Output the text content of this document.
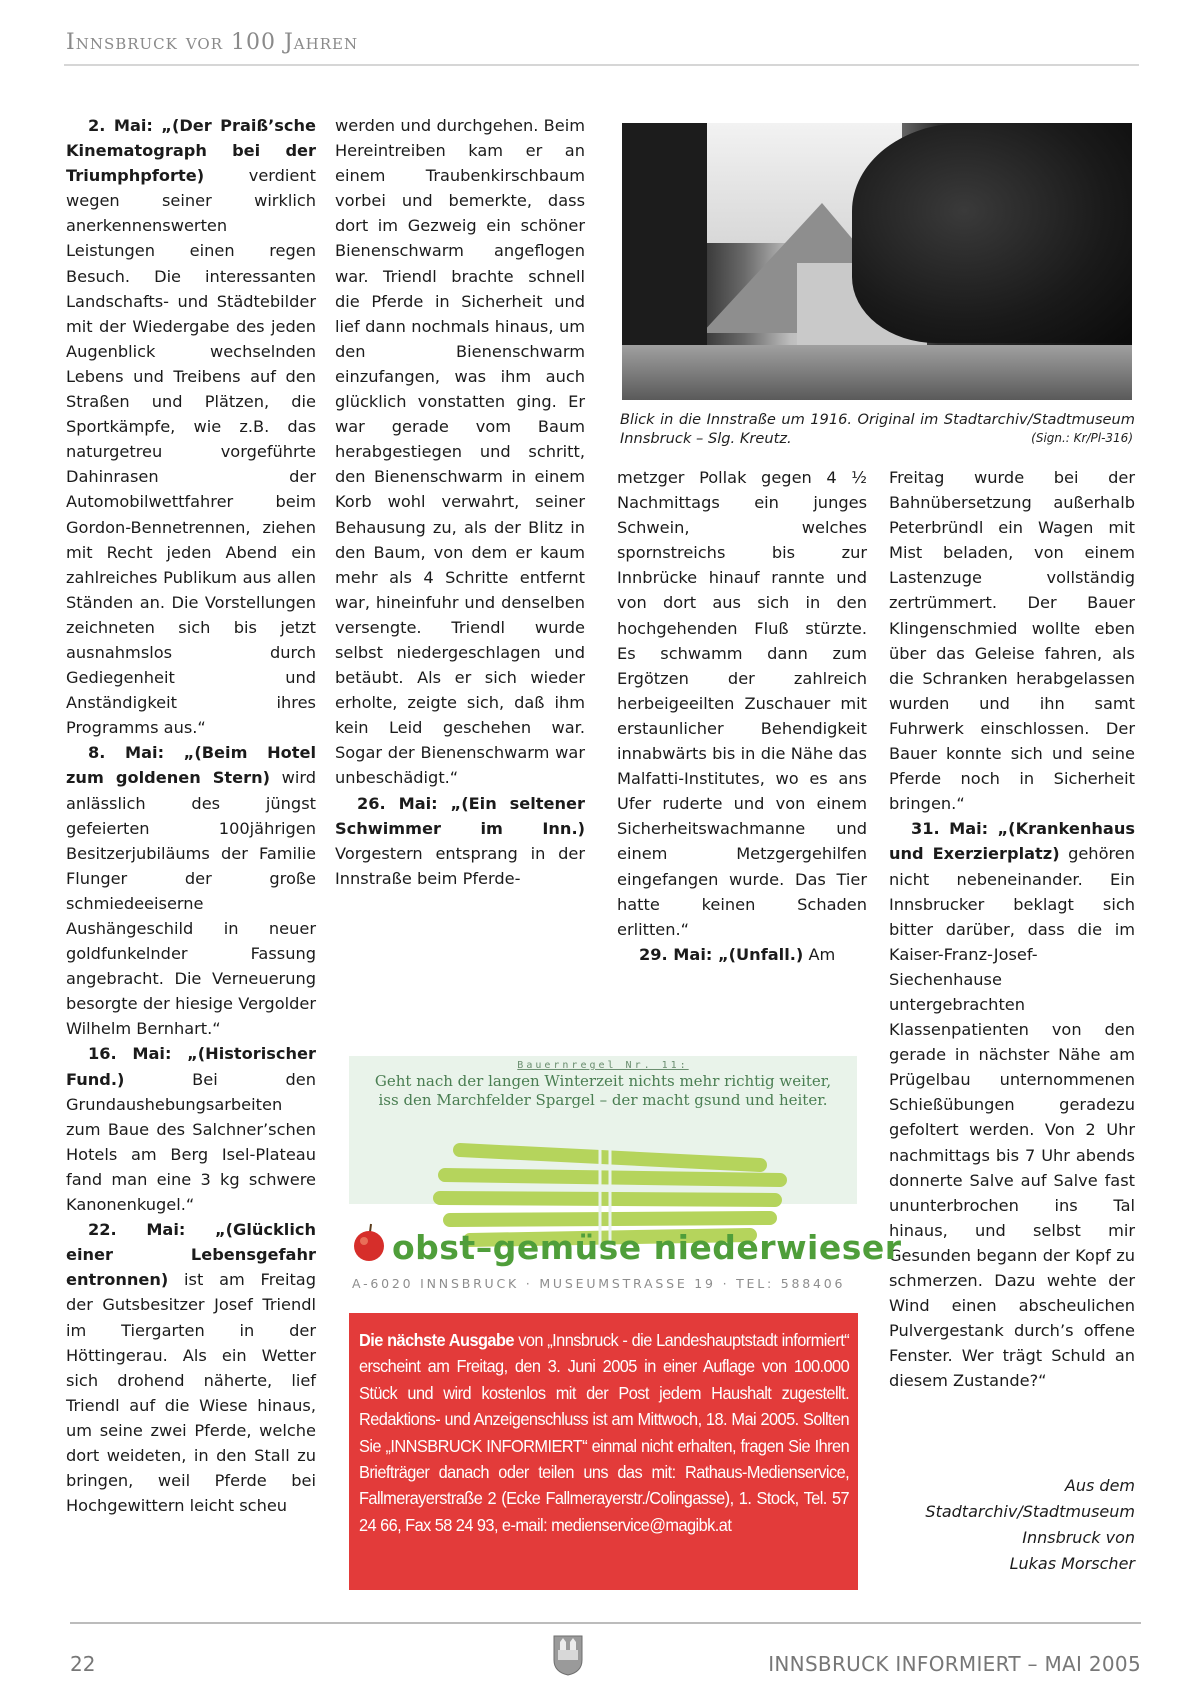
Innsbruck vor 100 Jahren

2. Mai: „(Der Praiß’sche Kinematograph bei der Triumphpforte) verdient wegen seiner wirklich anerkennenswerten Leistungen einen regen Besuch. Die interessanten Landschafts- und Städtebilder mit der Wiedergabe des jeden Augenblick wechselnden Lebens und Treibens auf den Straßen und Plätzen, die Sportkämpfe, wie z.B. das naturgetreu vorgeführte Dahinrasen der Automobilwettfahrer beim Gordon-Bennetrennen, ziehen mit Recht jeden Abend ein zahlreiches Publikum aus allen Ständen an. Die Vorstellungen zeichneten sich bis jetzt ausnahmslos durch Gediegenheit und Anständigkeit ihres Programms aus.“

8. Mai: „(Beim Hotel zum goldenen Stern) wird anlässlich des jüngst gefeierten 100jährigen Besitzerjubiläums der Familie Flunger der große schmiedeeiserne Aushängeschild in neuer goldfunkelnder Fassung angebracht. Die Verneuerung besorgte der hiesige Vergolder Wilhelm Bernhart.“

16. Mai: „(Historischer Fund.) Bei den Grundaushebungsarbeiten zum Baue des Salchner’schen Hotels am Berg Isel-Plateau fand man eine 3 kg schwere Kanonenkugel.“

22. Mai: „(Glücklich einer Lebensgefahr entronnen) ist am Freitag der Gutsbesitzer Josef Triendl im Tiergarten in der Höttingerau. Als ein Wetter sich drohend näherte, lief Triendl auf die Wiese hinaus, um seine zwei Pferde, welche dort weideten, in den Stall zu bringen, weil Pferde bei Hochgewittern leicht scheu

werden und durchgehen. Beim Hereintreiben kam er an einem Traubenkirschbaum vorbei und bemerkte, dass dort im Gezweig ein schöner Bienenschwarm angeflogen war. Triendl brachte schnell die Pferde in Sicherheit und lief dann nochmals hinaus, um den Bienenschwarm einzufangen, was ihm auch glücklich vonstatten ging. Er war gerade vom Baum herabgestiegen und schritt, den Bienenschwarm in einem Korb wohl verwahrt, seiner Behausung zu, als der Blitz in den Baum, von dem er kaum mehr als 4 Schritte entfernt war, hineinfuhr und denselben versengte. Triendl wurde selbst niedergeschlagen und betäubt. Als er sich wieder erholte, zeigte sich, daß ihm kein Leid geschehen war. Sogar der Bienenschwarm war unbeschädigt.“

26. Mai: „(Ein seltener Schwimmer im Inn.) Vorgestern entsprang in der Innstraße beim Pferde-

Blick in die Innstraße um 1916. Original im Stadtarchiv/Stadtmuseum Innsbruck – Slg. Kreutz.	(Sign.: Kr/Pl-316)

metzger Pollak gegen 4 ½ Nachmittags ein junges Schwein, welches spornstreichs bis zur Innbrücke hinauf rannte und von dort aus sich in den hochgehenden Fluß stürzte. Es schwamm dann zum Ergötzen der zahlreich herbeigeeilten Zuschauer mit erstaunlicher Behendigkeit innabwärts bis in die Nähe das Malfatti-Institutes, wo es ans Ufer ruderte und von einem Sicherheitswachmanne und einem Metzgergehilfen eingefangen wurde. Das Tier hatte keinen Schaden erlitten.“

29. Mai: „(Unfall.) Am

Freitag wurde bei der Bahnübersetzung außerhalb Peterbründl ein Wagen mit Mist beladen, von einem Lastenzuge vollständig zertrümmert. Der Bauer Klingenschmied wollte eben über das Geleise fahren, als die Schranken herabgelassen wurden und ihn samt Fuhrwerk einschlossen. Der Bauer konnte sich und seine Pferde noch in Sicherheit bringen.“

31. Mai: „(Krankenhaus und Exerzierplatz) gehören nicht nebeneinander. Ein Innsbrucker beklagt sich bitter darüber, dass die im Kaiser-Franz-Josef-Siechenhause untergebrachten Klassenpatienten von den gerade in nächster Nähe am Prügelbau unternommenen Schießübungen geradezu gefoltert werden. Von 2 Uhr nachmittags bis 7 Uhr abends donnerte Salve auf Salve fast ununterbrochen ins Tal hinaus, und selbst mir Gesunden begann der Kopf zu schmerzen. Dazu wehte der Wind einen abscheulichen Pulvergestank durch’s offene Fenster. Wer trägt Schuld an diesem Zustande?“

Aus dem
Stadtarchiv/Stadtmuseum
Innsbruck von
Lukas Morscher
Bauernregel Nr. 11:
Geht nach der langen Winterzeit nichts mehr richtig weiter,
iss den Marchfelder Spargel – der macht gsund und heiter.
obst–gemüse niederwieser
A-6020 INNSBRUCK · MUSEUMSTRASSE 19 · TEL: 588406

Die nächste Ausgabe von „Innsbruck - die Landeshauptstadt informiert“ erscheint am Freitag, den 3. Juni 2005 in einer Auflage von 100.000 Stück und wird kostenlos mit der Post jedem Haushalt zugestellt. Redaktions- und Anzeigenschluss ist am Mittwoch, 18. Mai 2005. Sollten Sie „INNSBRUCK INFORMIERT“ einmal nicht erhalten, fragen Sie Ihren Briefträger danach oder teilen uns das mit: Rathaus-Medienservice, Fallmerayerstraße 2 (Ecke Fallmerayerstr./Colingasse), 1. Stock, Tel. 57 24 66, Fax 58 24 93, e-mail: medienservice@magibk.at

22	INNSBRUCK INFORMIERT – MAI 2005
